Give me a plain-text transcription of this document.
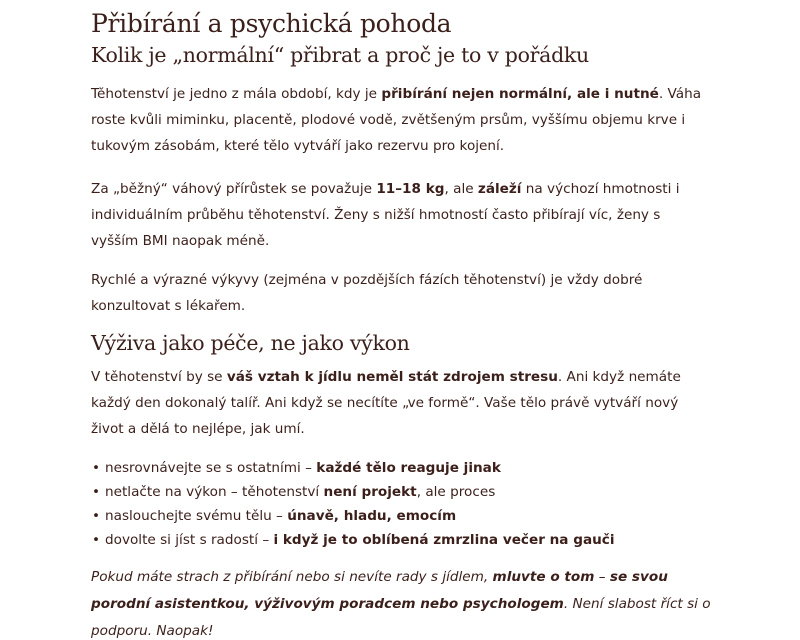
Přibírání a psychická pohoda
Kolik je „normální“ přibrat a proč je to v pořádku

Těhotenství je jedno z mála období, kdy je přibírání nejen normální, ale i nutné. Váha roste kvůli miminku, placentě, plodové vodě, zvětšeným prsům, vyššímu objemu krve i tukovým zásobám, které tělo vytváří jako rezervu pro kojení.

Za „běžný“ váhový přírůstek se považuje 11–18 kg, ale záleží na výchozí hmotnosti i individuálním průběhu těhotenství. Ženy s nižší hmotností často přibírají víc, ženy s vyšším BMI naopak méně.

Rychlé a výrazné výkyvy (zejména v pozdějších fázích těhotenství) je vždy dobré konzultovat s lékařem.

Výživa jako péče, ne jako výkon

V těhotenství by se váš vztah k jídlu neměl stát zdrojem stresu. Ani když nemáte každý den dokonalý talíř. Ani když se necítíte „ve formě“. Vaše tělo právě vytváří nový život a dělá to nejlépe, jak umí.

• nesrovnávejte se s ostatními – každé tělo reaguje jinak
• netlačte na výkon – těhotenství není projekt, ale proces
• naslouchejte svému tělu – únavě, hladu, emocím
• dovolte si jíst s radostí – i když je to oblíbená zmrzlina večer na gauči

Pokud máte strach z přibírání nebo si nevíte rady s jídlem, mluvte o tom – se svou porodní asistentkou, výživovým poradcem nebo psychologem. Není slabost říct si o podporu. Naopak!
